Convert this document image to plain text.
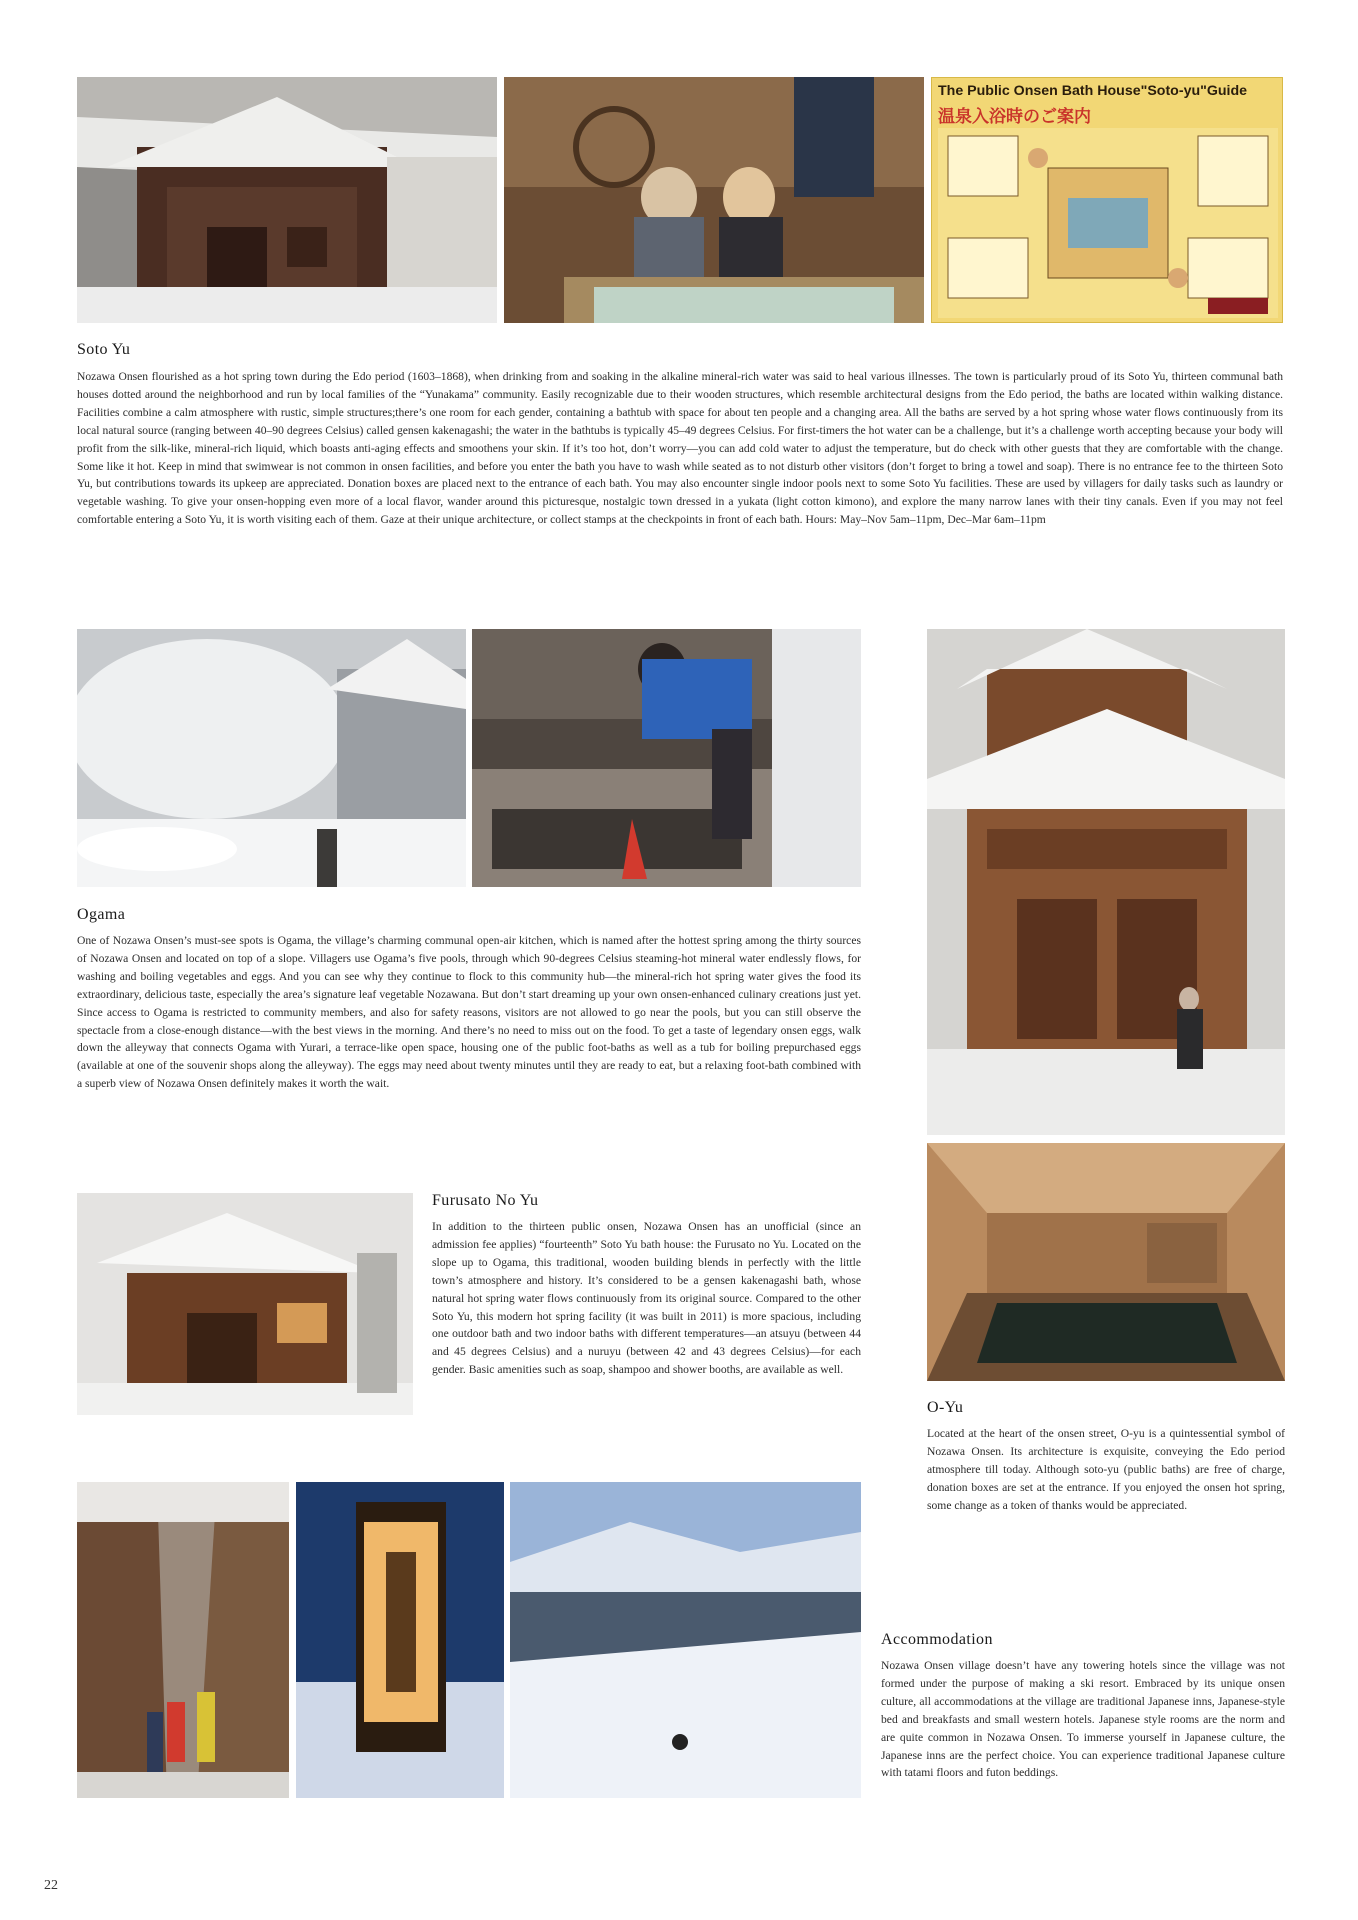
The Public Onsen Bath House"Soto-yu"Guide
温泉入浴時のご案内
Soto Yu

Nozawa Onsen flourished as a hot spring town during the Edo period (1603–1868), when drinking from and soaking in the alkaline mineral-rich water was said to heal various illnesses. The town is particularly proud of its Soto Yu, thirteen communal bath houses dotted around the neighborhood and run by local families of the “Yunakama” community. Easily recognizable due to their wooden structures, which resemble architectural designs from the Edo period, the baths are located within walking distance. Facilities combine a calm atmosphere with rustic, simple structures;there’s one room for each gender, containing a bathtub with space for about ten people and a changing area. All the baths are served by a hot spring whose water flows continuously from its local natural source (ranging between 40–90 degrees Celsius) called gensen kakenagashi; the water in the bathtubs is typically 45–49 degrees Celsius. For first-timers the hot water can be a challenge, but it’s a challenge worth accepting because your body will profit from the silk-like, mineral-rich liquid, which boasts anti-aging effects and smoothens your skin. If it’s too hot, don’t worry—you can add cold water to adjust the temperature, but do check with other guests that they are comfortable with the change. Some like it hot. Keep in mind that swimwear is not common in onsen facilities, and before you enter the bath you have to wash while seated as to not disturb other visitors (don’t forget to bring a towel and soap). There is no entrance fee to the thirteen Soto Yu, but contributions towards its upkeep are appreciated. Donation boxes are placed next to the entrance of each bath. You may also encounter single indoor pools next to some Soto Yu facilities. These are used by villagers for daily tasks such as laundry or vegetable washing. To give your onsen-hopping even more of a local flavor, wander around this picturesque, nostalgic town dressed in a yukata (light cotton kimono), and explore the many narrow lanes with their tiny canals. Even if you may not feel comfortable entering a Soto Yu, it is worth visiting each of them. Gaze at their unique architecture, or collect stamps at the checkpoints in front of each bath. Hours: May–Nov 5am–11pm, Dec–Mar 6am–11pm

Ogama

One of Nozawa Onsen’s must-see spots is Ogama, the village’s charming communal open-air kitchen, which is named after the hottest spring among the thirty sources of Nozawa Onsen and located on top of a slope. Villagers use Ogama’s five pools, through which 90-degrees Celsius steaming-hot mineral water endlessly flows, for washing and boiling vegetables and eggs. And you can see why they continue to flock to this community hub—the mineral-rich hot spring water gives the food its extraordinary, delicious taste, especially the area’s signature leaf vegetable Nozawana. But don’t start dreaming up your own onsen-enhanced culinary creations just yet. Since access to Ogama is restricted to community members, and also for safety reasons, visitors are not allowed to go near the pools, but you can still observe the spectacle from a close-enough distance—with the best views in the morning. And there’s no need to miss out on the food. To get a taste of legendary onsen eggs, walk down the alleyway that connects Ogama with Yurari, a terrace-like open space, housing one of the public foot-baths as well as a tub for boiling prepurchased eggs (available at one of the souvenir shops along the alleyway). The eggs may need about twenty minutes until they are ready to eat, but a relaxing foot-bath combined with a superb view of Nozawa Onsen definitely makes it worth the wait.

Furusato No Yu

In addition to the thirteen public onsen, Nozawa Onsen has an unofficial (since an admission fee applies) “fourteenth” Soto Yu bath house: the Furusato no Yu. Located on the slope up to Ogama, this traditional, wooden building blends in perfectly with the little town’s atmosphere and history. It’s considered to be a gensen kakenagashi bath, whose natural hot spring water flows continuously from its original source. Compared to the other Soto Yu, this modern hot spring facility (it was built in 2011) is more spacious, including one outdoor bath and two indoor baths with different temperatures—an atsuyu (between 44 and 45 degrees Celsius) and a nuruyu (between 42 and 43 degrees Celsius)—for each gender. Basic amenities such as soap, shampoo and shower booths, are available as well.

O-Yu

Located at the heart of the onsen street, O-yu is a quintessential symbol of Nozawa Onsen. Its architecture is exquisite, conveying the Edo period atmosphere till today. Although soto-yu (public baths) are free of charge, donation boxes are set at the entrance. If you enjoyed the onsen hot spring, some change as a token of thanks would be appreciated.

Accommodation

Nozawa Onsen village doesn’t have any towering hotels since the village was not formed under the purpose of making a ski resort. Embraced by its unique onsen culture, all accommodations at the village are traditional Japanese inns, Japanese-style bed and breakfasts and small western hotels. Japanese style rooms are the norm and are quite common in Nozawa Onsen. To immerse yourself in Japanese culture, the Japanese inns are the perfect choice. You can experience traditional Japanese culture with tatami floors and futon beddings.

22
